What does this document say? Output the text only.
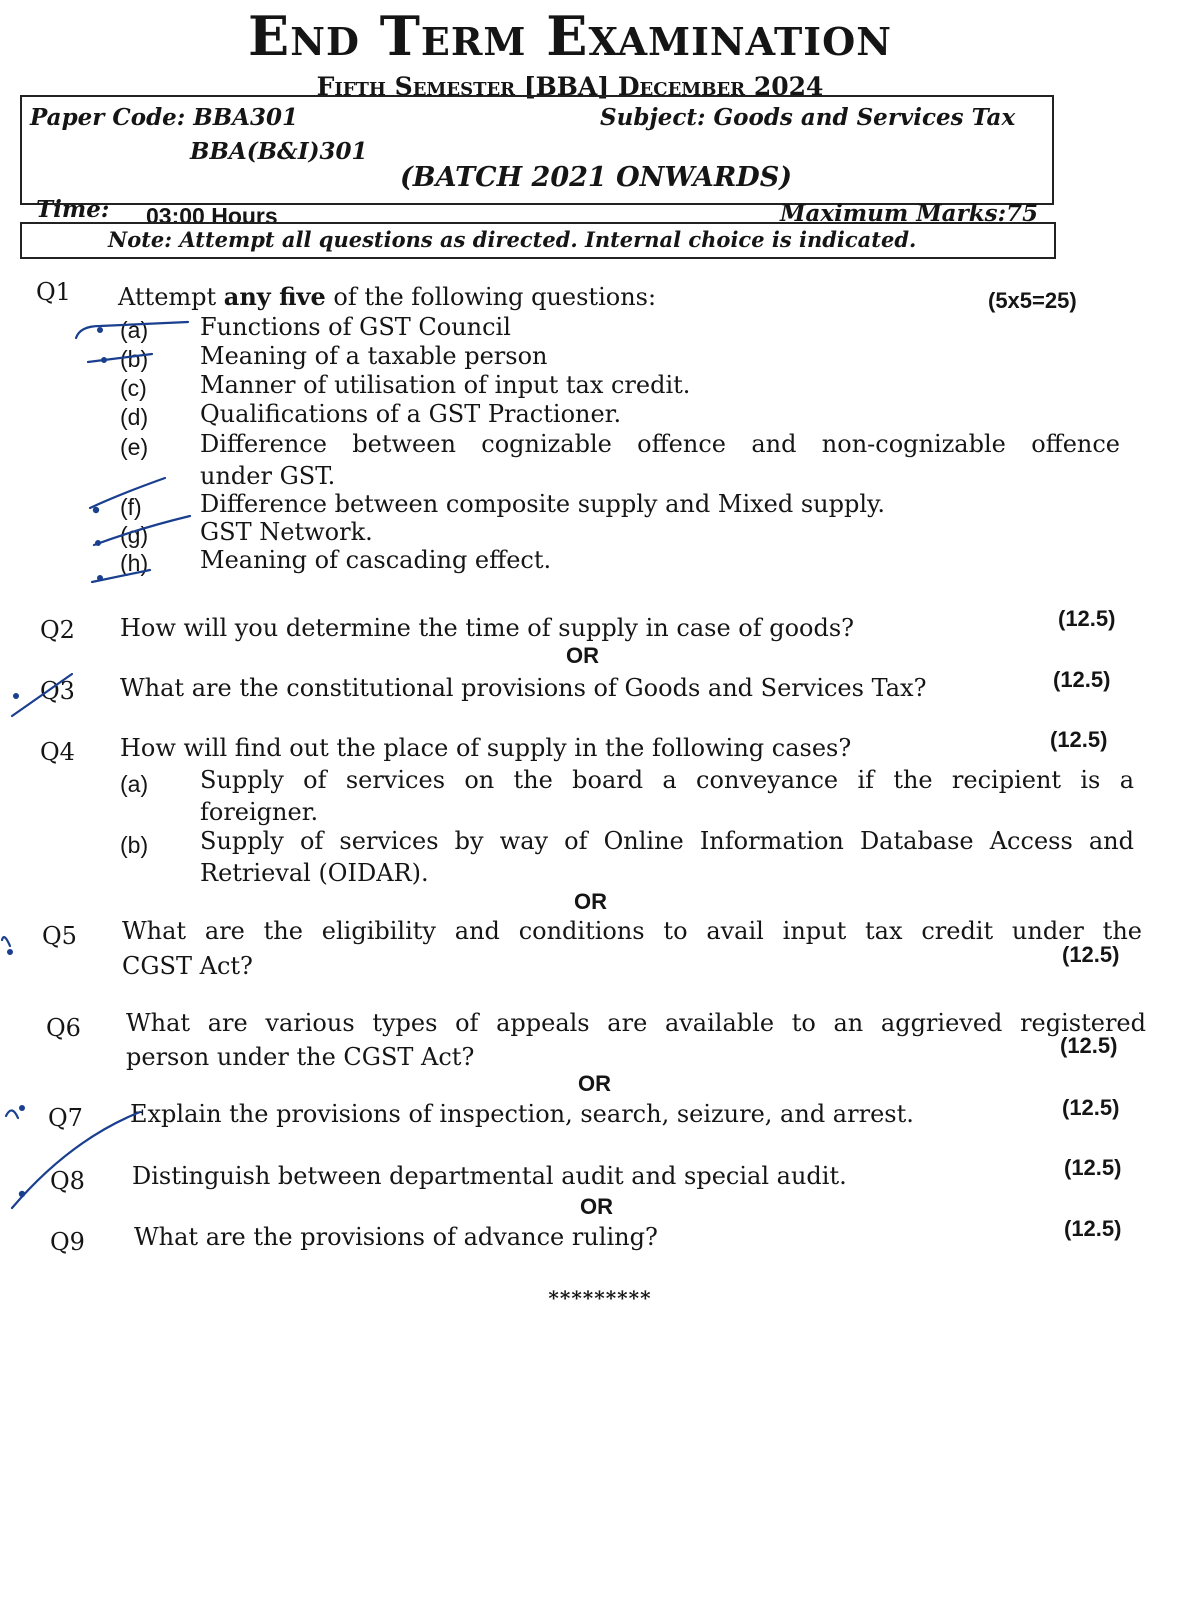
End Term Examination
Fifth Semester [BBA] December 2024
Paper Code: BBA301
BBA(B&I)301
Subject: Goods and Services Tax
(BATCH 2021 ONWARDS)
Time: 03:00 Hours	Maximum Marks:75
Note: Attempt all questions as directed. Internal choice is indicated.
Q1 Attempt any five of the following questions:	(5x5=25)
(a) Functions of GST Council
(b) Meaning of a taxable person
(c) Manner of utilisation of input tax credit.
(d) Qualifications of a GST Practioner.
(e) Difference between cognizable offence and non-cognizable offence
under GST.
(f) Difference between composite supply and Mixed supply.
(g) GST Network.
(h) Meaning of cascading effect.
Q2 How will you determine the time of supply in case of goods?	(12.5)
OR
Q3 What are the constitutional provisions of Goods and Services Tax?	(12.5)
Q4 How will find out the place of supply in the following cases?	(12.5)
(a) Supply of services on the board a conveyance if the recipient is a
foreigner.
(b) Supply of services by way of Online Information Database Access and
Retrieval (OIDAR).
OR
Q5 What are the eligibility and conditions to avail input tax credit under the
CGST Act?	(12.5)
Q6 What are various types of appeals are available to an aggrieved registered
person under the CGST Act?	(12.5)
OR
Q7 Explain the provisions of inspection, search, seizure, and arrest.	(12.5)
Q8 Distinguish between departmental audit and special audit.	(12.5)
OR
Q9 What are the provisions of advance ruling?	(12.5)
*********
